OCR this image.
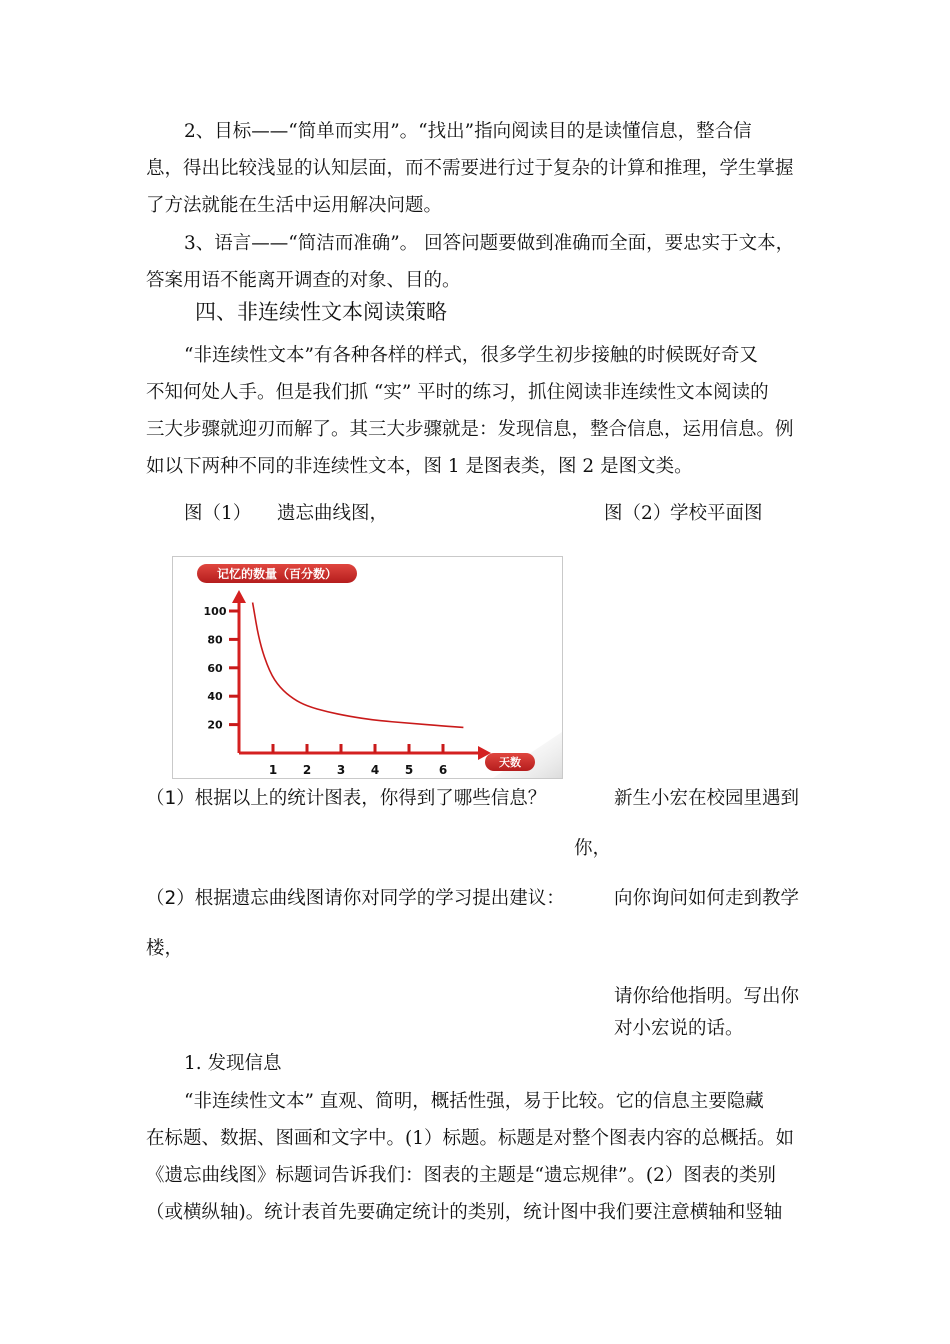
2、目标——“简单而实用”。“找出”指向阅读目的是读懂信息，整合信
息，得出比较浅显的认知层面，而不需要进行过于复杂的计算和推理，学生掌握
了方法就能在生活中运用解决问题。
3、语言——“简洁而准确”。 回答问题要做到准确而全面，要忠实于文本，
答案用语不能离开调查的对象、目的。
四、非连续性文本阅读策略
“非连续性文本”有各种各样的样式，很多学生初步接触的时候既好奇又
不知何处人手。但是我们抓 “实” 平时的练习，抓住阅读非连续性文本阅读的
三大步骤就迎刃而解了。其三大步骤就是：发现信息，整合信息，运用信息。例
如以下两种不同的非连续性文本，图 1 是图表类，图 2 是图文类。
图（1） 遗忘曲线图，	图（2）
学校平面图
记忆的数量（百分数）
天数
100
80
60
40
20
1 2 3 4 5 6
（1）根据以上的统计图表，你得到了哪些信息？	新生小宏在校园里遇到
你，
（2）根据遗忘曲线图请你对同学的学习提出建议：	向你询问如何走到教学
楼，
请你给他指明。写出你
对小宏说的话。
1. 发现信息
“非连续性文本” 直观、简明，概括性强，易于比较。它的信息主要隐藏
在标题、数据、图画和文字中。(1）标题。标题是对整个图表内容的总概括。如
《遗忘曲线图》标题词告诉我们：图表的主题是“遗忘规律”。(2）图表的类别
（或横纵轴)。统计表首先要确定统计的类别，统计图中我们要注意横轴和竖轴
